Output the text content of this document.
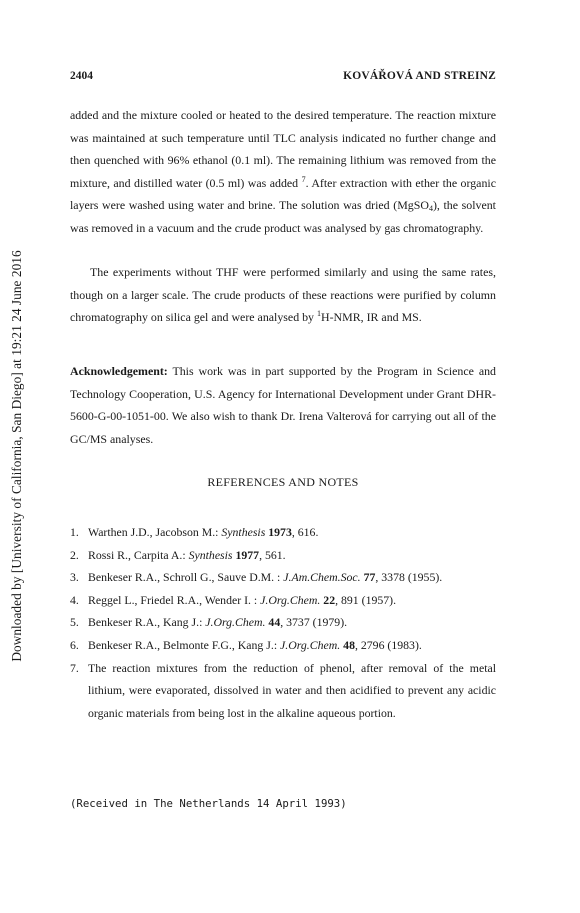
Downloaded by [University of California, San Diego] at 19:21 24 June 2016
2404	KOVÁŘOVÁ AND STREINZ

added and the mixture cooled or heated to the desired temperature. The reaction mixture was maintained at such temperature until TLC analysis indicated no further change and then quenched with 96% ethanol (0.1 ml). The remaining lithium was removed from the mixture, and distilled water (0.5 ml) was added $^7$. After extraction with ether the organic layers were washed using water and brine. The solution was dried (MgSO$_4$), the solvent was removed in a vacuum and the crude product was analysed by gas chromatography.

The experiments without THF were performed similarly and using the same rates, though on a larger scale. The crude products of these reactions were purified by column chromatography on silica gel and were analysed by $^1$H-NMR, IR and MS.

Acknowledgement: This work was in part supported by the Program in Science and Technology Cooperation, U.S. Agency for International Development under Grant DHR-5600-G-00-1051-00. We also wish to thank Dr. Irena Valterová for carrying out all of the GC/MS analyses.

REFERENCES AND NOTES
1. Warthen J.D., Jacobson M.: Synthesis 1973, 616.
2. Rossi R., Carpita A.: Synthesis 1977, 561.
3. Benkeser R.A., Schroll G., Sauve D.M. : J.Am.Chem.Soc. 77, 3378 (1955).
4. Reggel L., Friedel R.A., Wender I. : J.Org.Chem. 22, 891 (1957).
5. Benkeser R.A., Kang J.: J.Org.Chem. 44, 3737 (1979).
6. Benkeser R.A., Belmonte F.G., Kang J.: J.Org.Chem. 48, 2796 (1983).
7. The reaction mixtures from the reduction of phenol, after removal of the metal lithium, were evaporated, dissolved in water and then acidified to prevent any acidic organic materials from being lost in the alkaline aqueous portion.
(Received in The Netherlands 14 April 1993)
